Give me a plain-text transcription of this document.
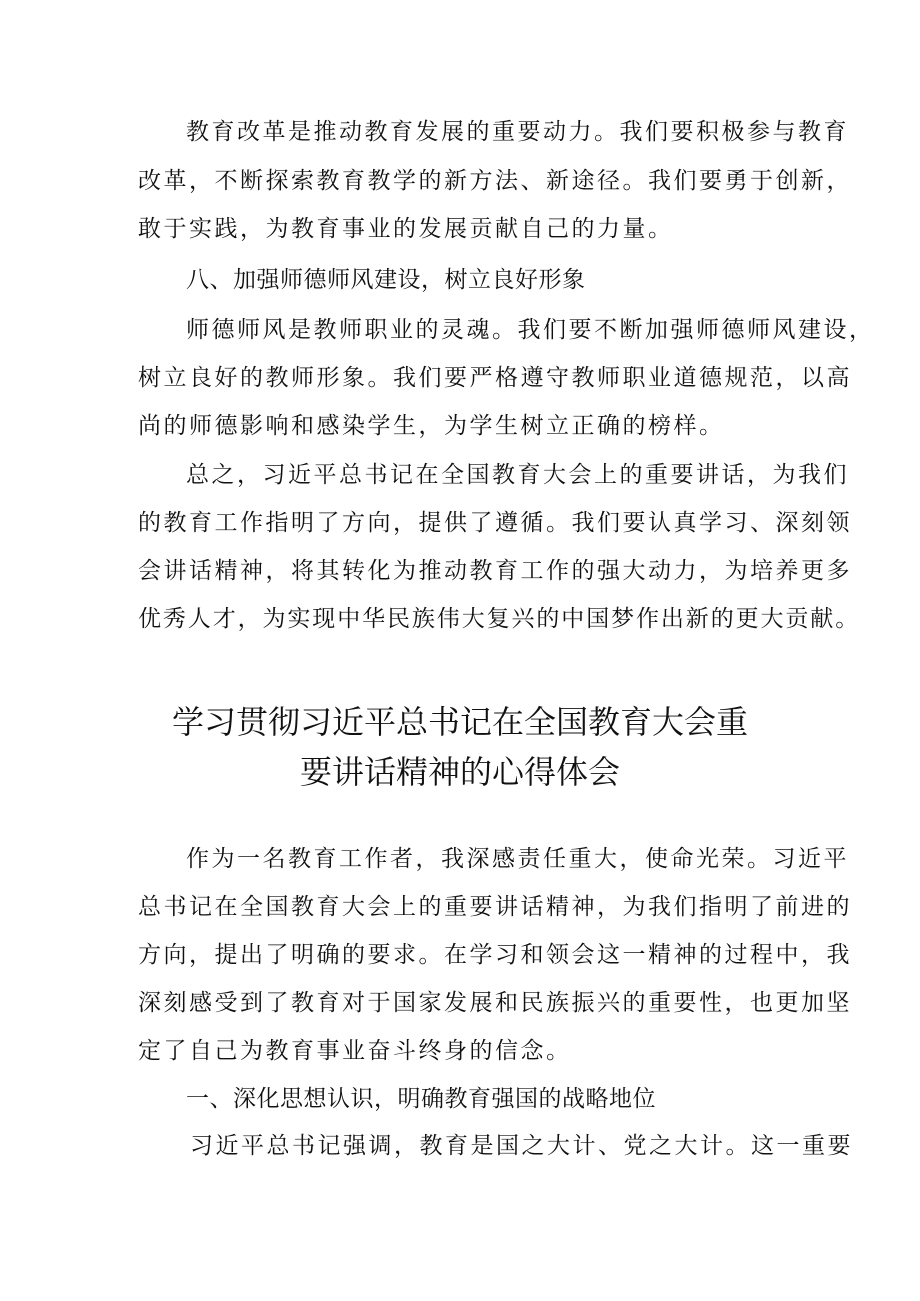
教育改革是推动教育发展的重要动力。我们要积极参与教育
改革，不断探索教育教学的新方法、新途径。我们要勇于创新，
敢于实践，为教育事业的发展贡献自己的力量。
八、加强师德师风建设，树立良好形象
师德师风是教师职业的灵魂。我们要不断加强师德师风建设，
树立良好的教师形象。我们要严格遵守教师职业道德规范，以高
尚的师德影响和感染学生，为学生树立正确的榜样。
总之，习近平总书记在全国教育大会上的重要讲话，为我们
的教育工作指明了方向，提供了遵循。我们要认真学习、深刻领
会讲话精神，将其转化为推动教育工作的强大动力，为培养更多
优秀人才，为实现中华民族伟大复兴的中国梦作出新的更大贡献。
学习贯彻习近平总书记在全国教育大会重
要讲话精神的心得体会
作为一名教育工作者，我深感责任重大，使命光荣。习近平
总书记在全国教育大会上的重要讲话精神，为我们指明了前进的
方向，提出了明确的要求。在学习和领会这一精神的过程中，我
深刻感受到了教育对于国家发展和民族振兴的重要性，也更加坚
定了自己为教育事业奋斗终身的信念。
一、深化思想认识，明确教育强国的战略地位
习近平总书记强调，教育是国之大计、党之大计。这一重要
